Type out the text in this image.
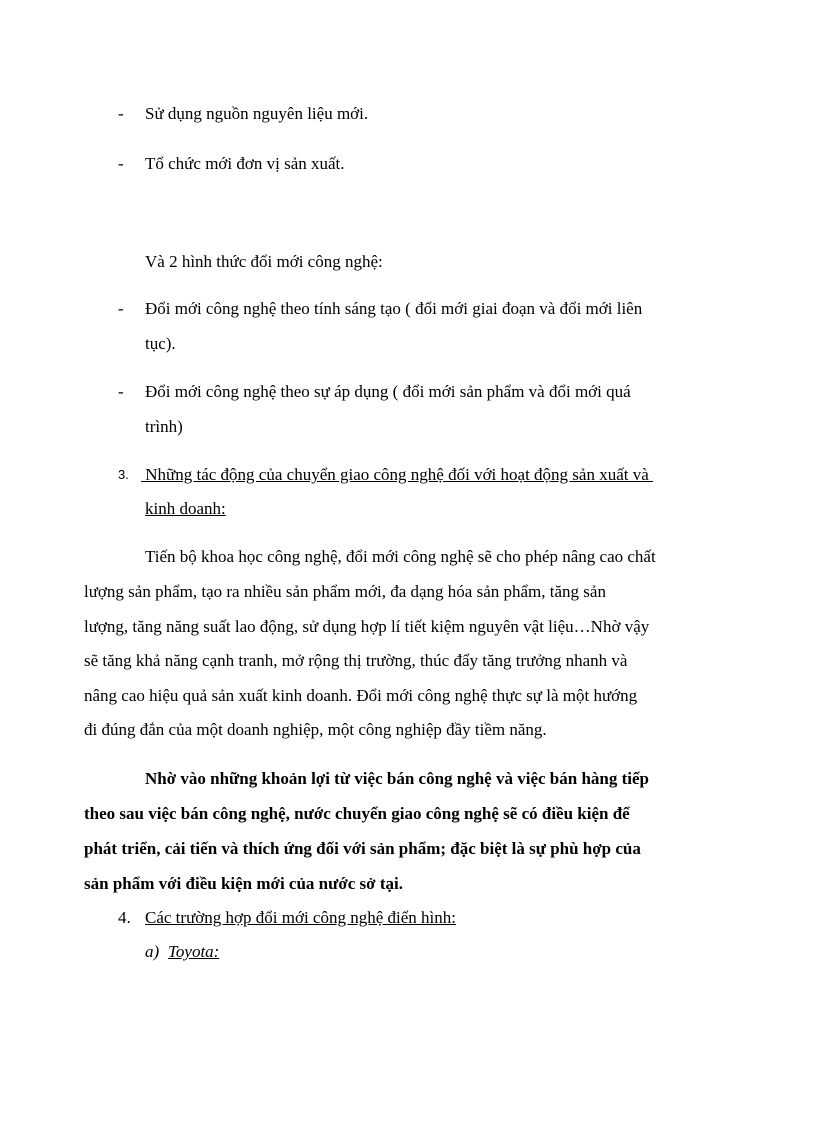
- Sử dụng nguồn nguyên liệu mới.
- Tổ chức mới đơn vị sản xuất.
Và 2 hình thức đổi mới công nghệ:
- Đổi mới công nghệ theo tính sáng tạo ( đổi mới giai đoạn và đổi mới liên
tục).
- Đổi mới công nghệ theo sự áp dụng ( đổi mới sản phẩm và đổi mới quá
trình)
3. Những tác động của chuyển giao công nghệ đối với hoạt động sản xuất và
kinh doanh:
Tiến bộ khoa học công nghệ, đổi mới công nghệ sẽ cho phép nâng cao chất
lượng sản phẩm, tạo ra nhiều sản phẩm mới, đa dạng hóa sản phẩm, tăng sản
lượng, tăng năng suất lao động, sử dụng hợp lí tiết kiệm nguyên vật liệu…Nhờ vậy
sẽ tăng khả năng cạnh tranh, mở rộng thị trường, thúc đẩy tăng trưởng nhanh và
nâng cao hiệu quả sản xuất kinh doanh. Đổi mới công nghệ thực sự là một hướng
đi đúng đắn của một doanh nghiệp, một công nghiệp đầy tiềm năng.
Nhờ vào những khoản lợi từ việc bán công nghệ và việc bán hàng tiếp
theo sau việc bán công nghệ, nước chuyển giao công nghệ sẽ có điều kiện để
phát triển, cải tiến và thích ứng đối với sản phẩm; đặc biệt là sự phù hợp của
sản phẩm với điều kiện mới của nước sở tại.
4. Các trường hợp đổi mới công nghệ điển hình:
a) Toyota:
